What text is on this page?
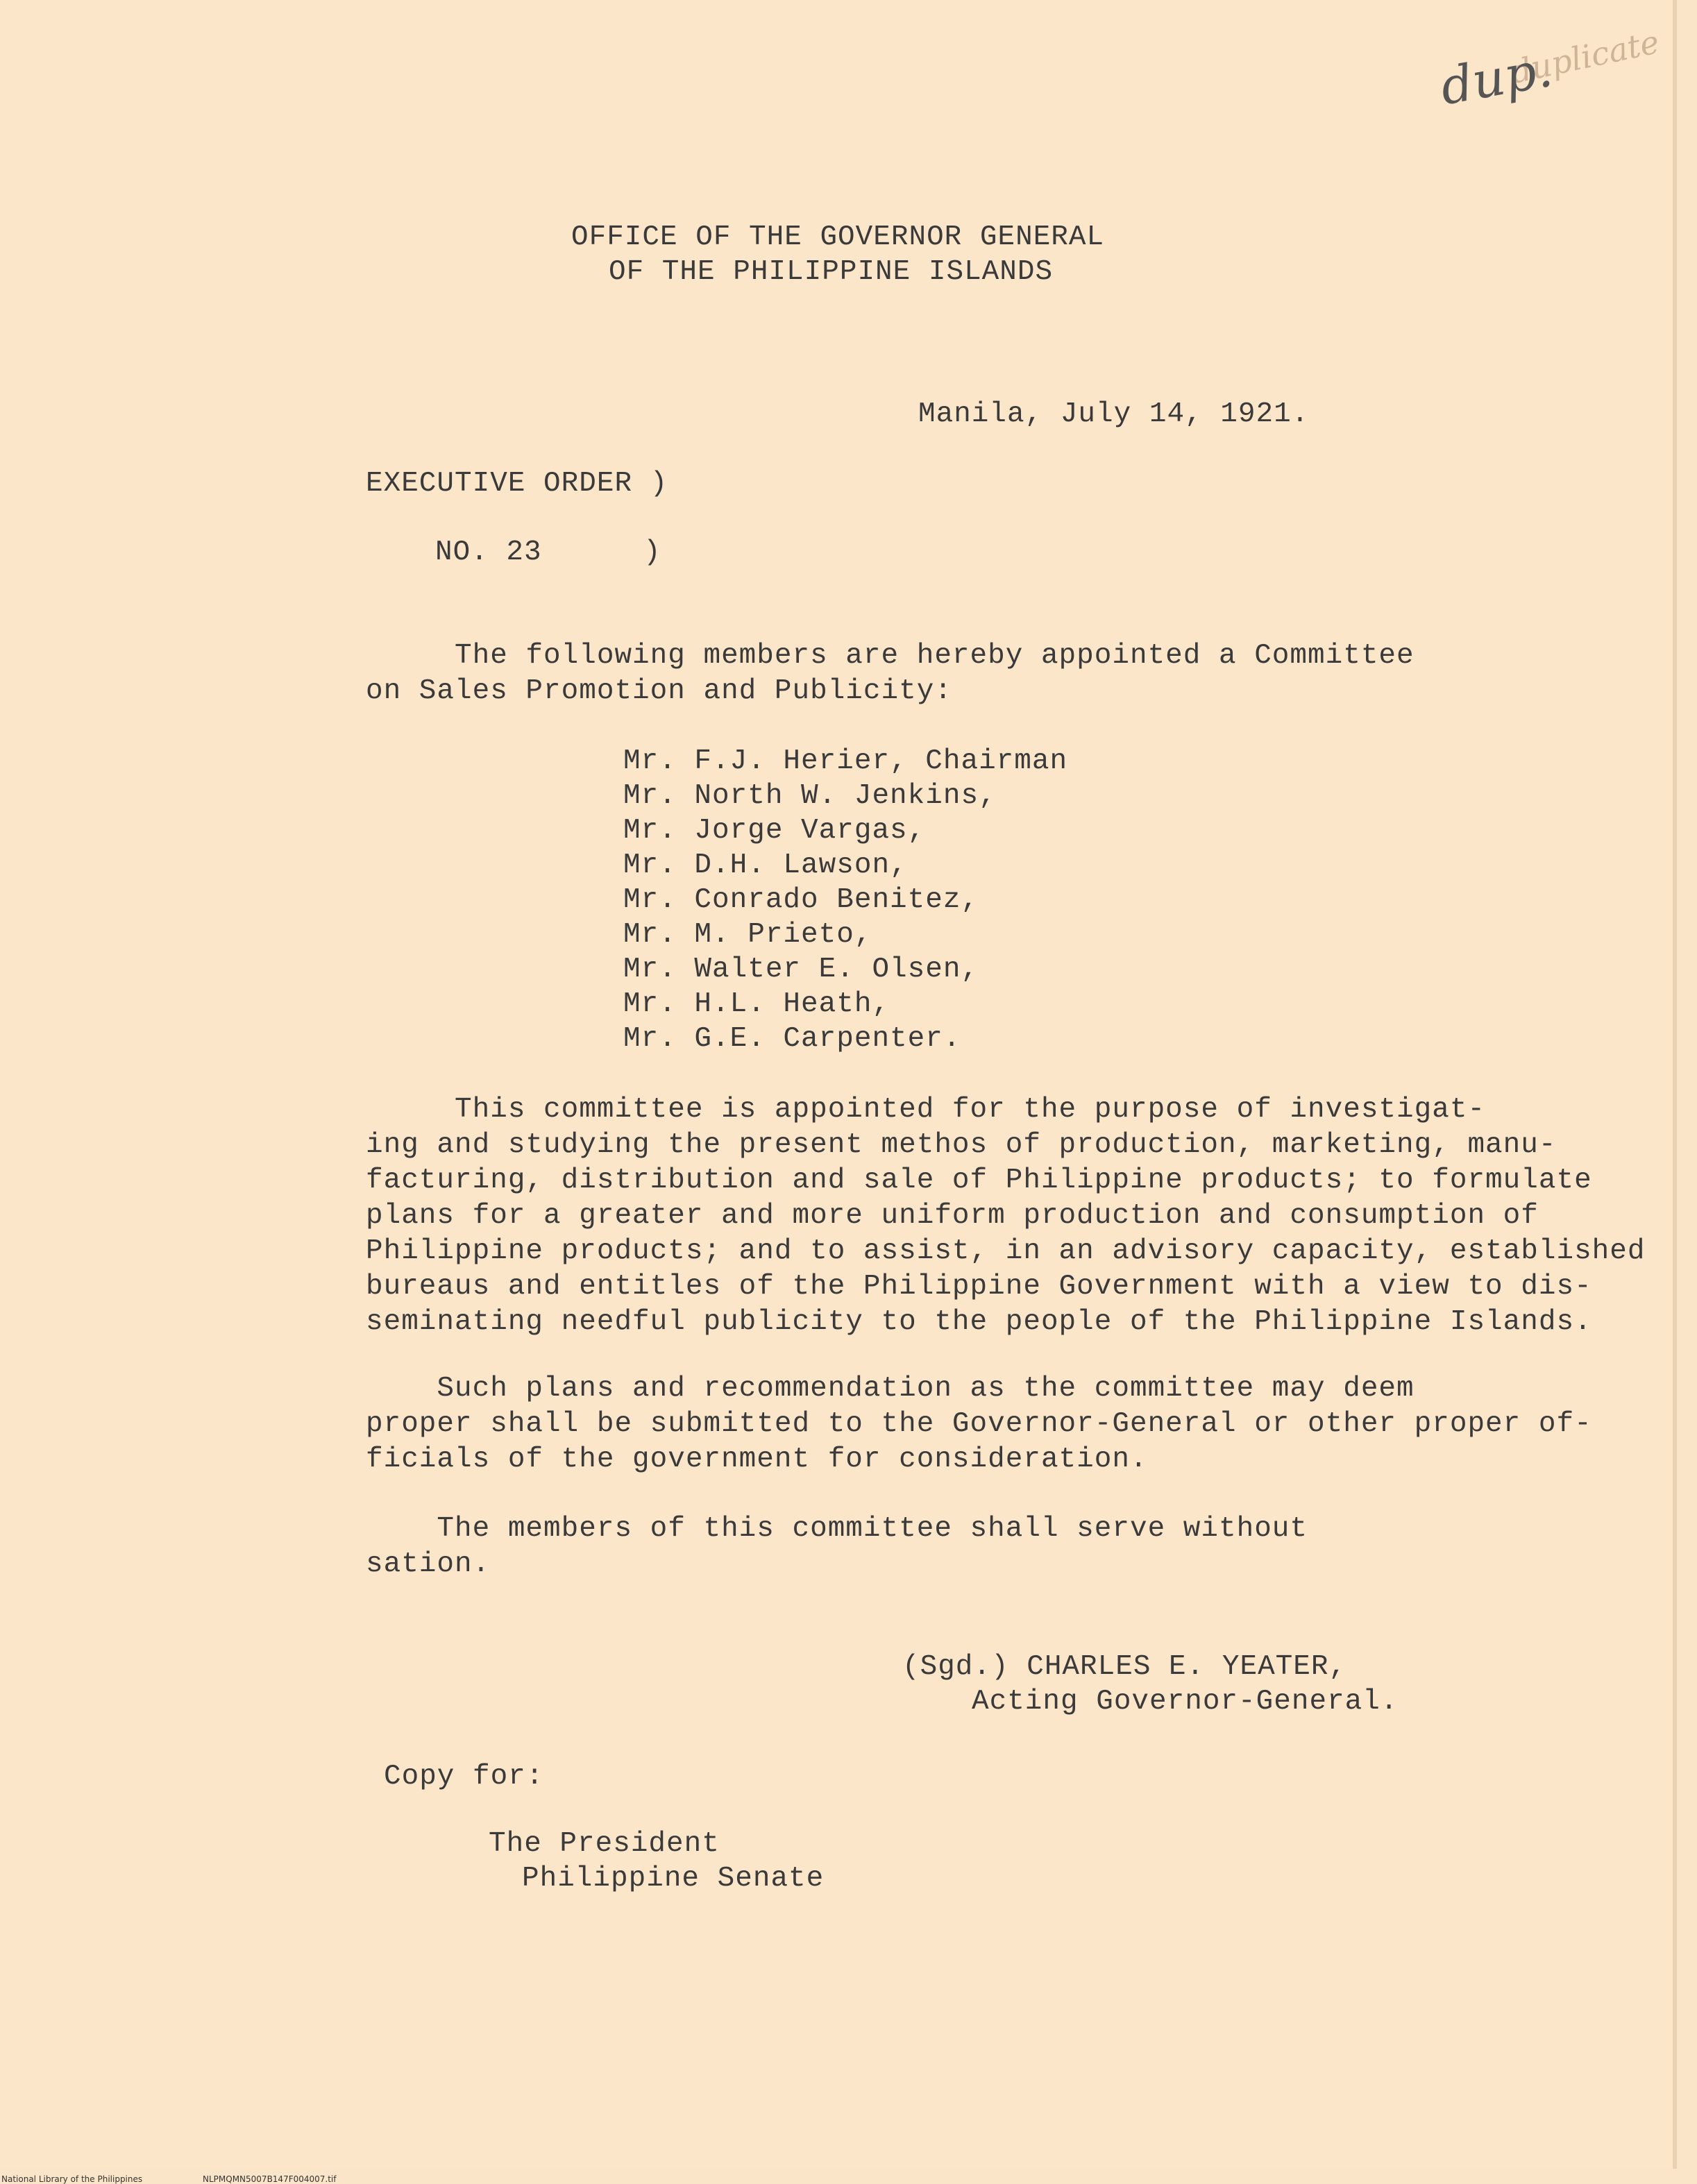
duplicate
dup.
OFFICE OF THE GOVERNOR GENERAL
OF THE PHILIPPINE ISLANDS
Manila, July 14, 1921.
EXECUTIVE ORDER )
NO. 23	)
The following members are hereby appointed a Committee
on Sales Promotion and Publicity:
Mr. F.J. Herier, Chairman
Mr. North W. Jenkins,
Mr. Jorge Vargas,
Mr. D.H. Lawson,
Mr. Conrado Benitez,
Mr. M. Prieto,
Mr. Walter E. Olsen,
Mr. H.L. Heath,
Mr. G.E. Carpenter.
This committee is appointed for the purpose of investigat-
ing and studying the present methos of production, marketing, manu-
facturing, distribution and sale of Philippine products; to formulate
plans for a greater and more uniform production and consumption of
Philippine products; and to assist, in an advisory capacity, established
bureaus and entitles of the Philippine Government with a view to dis-
seminating needful publicity to the people of the Philippine Islands.
Such plans and recommendation as the committee may deem
proper shall be submitted to the Governor-General or other proper of-
ficials of the government for consideration.
The members of this committee shall serve without
sation.
(Sgd.) CHARLES E. YEATER,
Acting Governor-General.
Copy for:
The President
Philippine Senate
National Library of the Philippines	NLPMQMN5007B147F004007.tif
